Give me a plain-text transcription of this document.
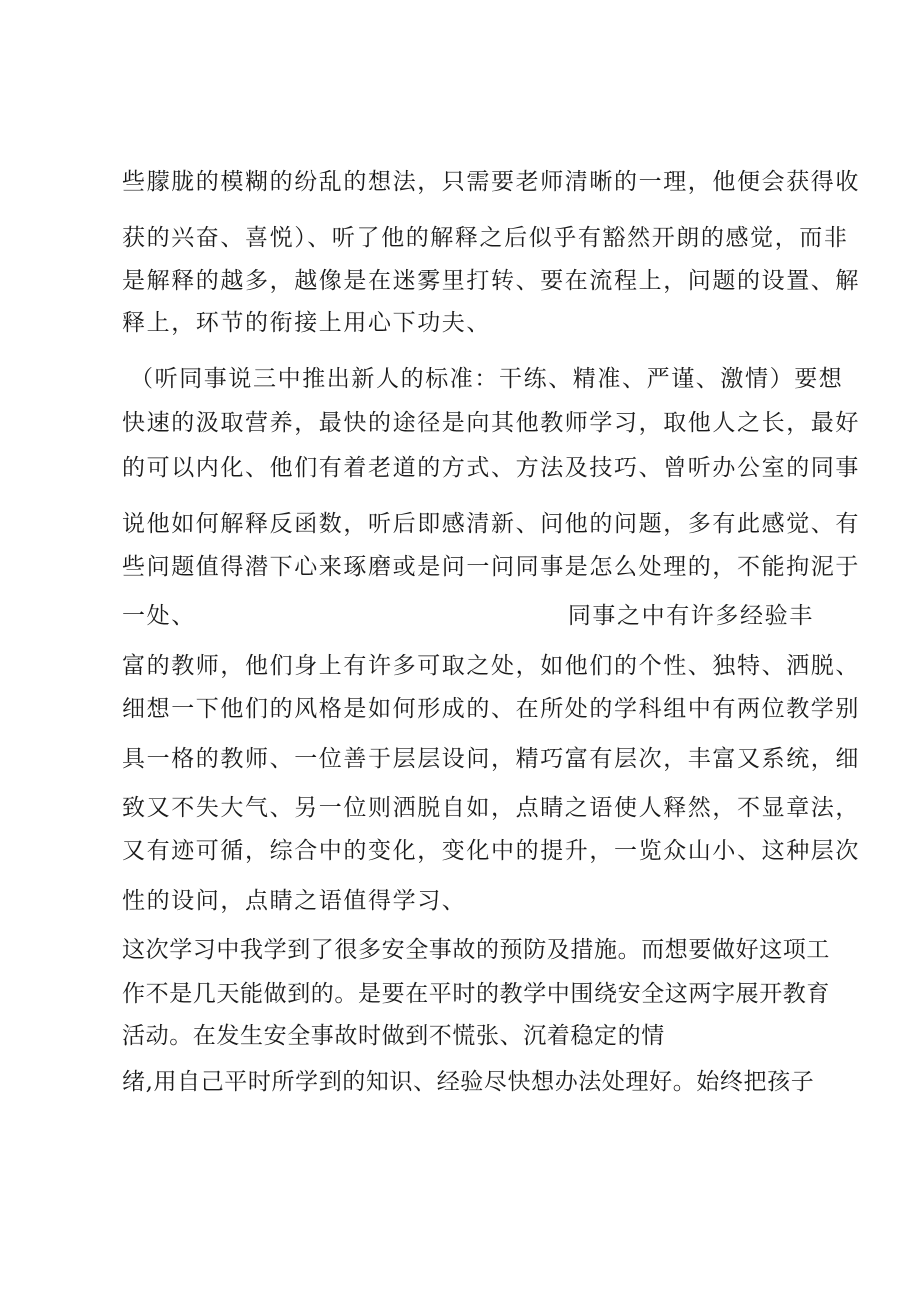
些朦胧的模糊的纷乱的想法，只需要老师清晰的一理，他便会获得收
获的兴奋、喜悦）、听了他的解释之后似乎有豁然开朗的感觉，而非
是解释的越多，越像是在迷雾里打转、要在流程上，问题的设置、解
释上，环节的衔接上用心下功夫、
（听同事说三中推出新人的标准：干练、精准、严谨、激情）要想
快速的汲取营养，最快的途径是向其他教师学习，取他人之长，最好
的可以内化、他们有着老道的方式、方法及技巧、曾听办公室的同事
说他如何解释反函数，听后即感清新、问他的问题，多有此感觉、有
些问题值得潜下心来琢磨或是问一问同事是怎么处理的，不能拘泥于
一处、	同事之中有许多经验丰
富的教师，他们身上有许多可取之处，如他们的个性、独特、洒脱、
细想一下他们的风格是如何形成的、在所处的学科组中有两位教学别
具一格的教师、一位善于层层设问，精巧富有层次，丰富又系统，细
致又不失大气、另一位则洒脱自如，点睛之语使人释然，不显章法，
又有迹可循，综合中的变化，变化中的提升，一览众山小、这种层次
性的设问，点睛之语值得学习、
这次学习中我学到了很多安全事故的预防及措施。而想要做好这项工
作不是几天能做到的。是要在平时的教学中围绕安全这两字展开教育
活动。在发生安全事故时做到不慌张、沉着稳定的情
绪,用自己平时所学到的知识、经验尽快想办法处理好。始终把孩子
